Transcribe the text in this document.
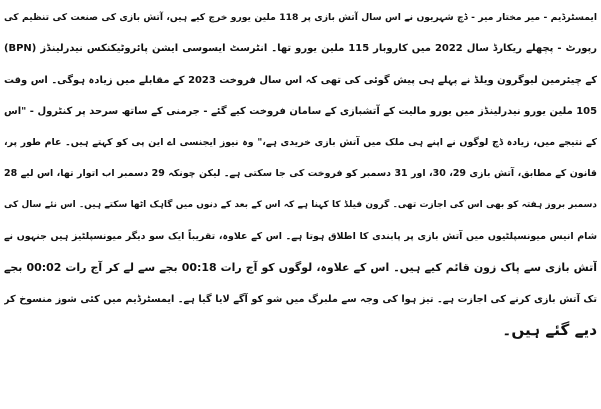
ایمسٹرڈیم - میر مختار میر - ڈچ شہریوں نے اس سال آتش بازی پر 118 ملین یورو خرچ کیے ہیں، آتش بازی کی صنعت کی تنظیم کی
رپورٹ - پچھلے ریکارڈ سال 2022 میں کاروبار 115 ملین یورو تھا۔ انٹرسٹ ایسوسی ایشن پائروٹیکنکس نیدرلینڈز (BPN)
کے چیئرمین لیوگرون ویلڈ نے پہلے ہی پیش گوئی کی تھی کہ اس سال فروخت 2023 کے مقابلے میں زیادہ ہوگی۔ اس وقت
105 ملین یورو نیدرلینڈز میں یورو مالیت کے آتشبازی کے سامان فروخت کیے گئے - جرمنی کے ساتھ سرحد پر کنٹرول - "اس
کے نتیجے میں، زیادہ ڈچ لوگوں نے اپنے ہی ملک میں آتش بازی خریدی ہے،" وہ نیوز ایجنسی اے این پی کو کہتے ہیں۔ عام طور پر،
قانون کے مطابق، آتش بازی 29، 30، اور 31 دسمبر کو فروخت کی جا سکتی ہے۔ لیکن چونکہ 29 دسمبر اب اتوار تھا، اس لیے 28
دسمبر بروز ہفتہ کو بھی اس کی اجازت تھی۔ گرون فیلڈ کا کہنا ہے کہ اس کے بعد کے دنوں میں گاہک اٹھا سکتے ہیں۔ اس نئے سال کی
شام انیس میونسپلٹیوں میں آتش بازی پر پابندی کا اطلاق ہوتا ہے۔ اس کے علاوہ، تقریباً ایک سو دیگر میونسپلٹیز ہیں جنہوں نے
آتش بازی سے پاک زون قائم کیے ہیں۔ اس کے علاوہ، لوگوں کو آج رات 00:18 بجے سے لے کر آج رات 00:02 بجے
تک آتش بازی کرنے کی اجازت ہے۔ تیز ہوا کی وجہ سے ملبرگ میں شو کو آگے لایا گیا ہے۔ ایمسٹرڈیم میں کئی شوز منسوخ کر
دیے گئے ہیں۔
